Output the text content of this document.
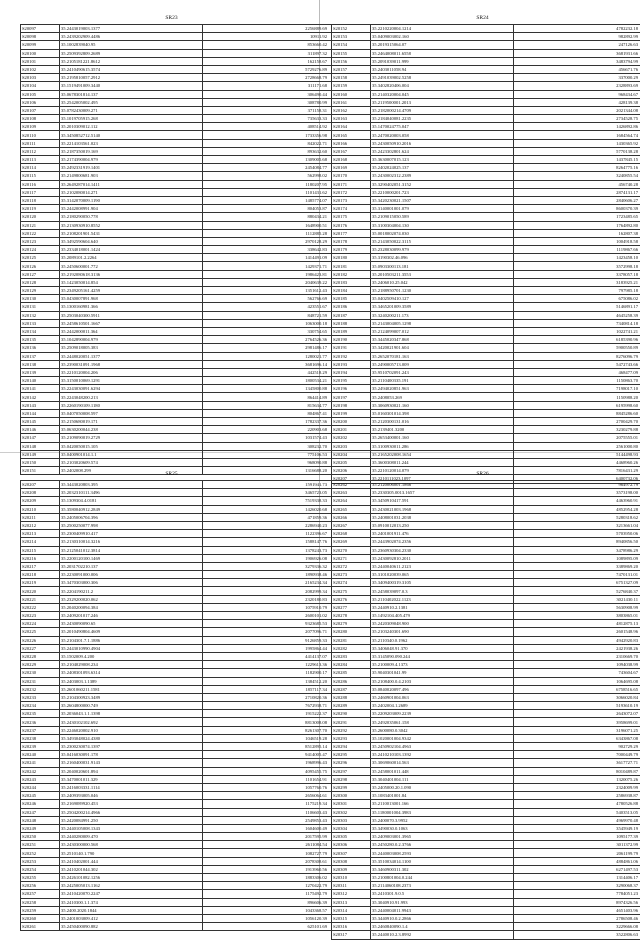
SR23
S20097	35.2443019003.1377	2256889.69
S20098	35.2439202909.4486	10911.92
S20099	35.1002839040.95	853660.42
S20100	35.2509392809.2689	311897.32
S20101	35.2105181221.8612	162158.67
S20102	35.2410490615.3574	5729276.89
S20103	35.2195810057.2912	2728668.79
S20104	35.1519491009.3440	311171.68
S20105	35.0678301814.137	306490.44
S20106	35.2542005002.495	308780.99
S20107	35.0782430009.271	371158.31
S20108	35.1019705915.268	735633.33
S20109	35.2010309012.112	408514.92
S20110	35.3450852712.5140	1733356.98
S20111	35.2214103561.023	842022.71
S20112	35.2187350019.169	893632.60
S20113	35.2174390004.979	1309005.68
S20114	35.2492331919.1401	2454084.77
S20115	35.2149800681.903	562998.02
S20116	35.2649287014.1411	1180207.95
S20117	35.2102080014.271	1101431.62
S20118	35.3142070009.1190	1485774.07
S20119	35.2442008991.904	804053.87
S20120	35.2180290050.778	880434.21
S20121	35.2130930910.8552	1648900.51
S20122	35.2108201901.5431	1112885.28
S20123	35.3492590604.640	2970128.29
S20124	35.2334018001.1424	338642.83
S20125	35.2089101.2.2264	1414491.09
S20126	35.2450600001.772	1429371.71
S20127	35.2192080618.3136	1986423.81
S20128	35.1423050014.854	2040639.22
S20129	35.2349205161.4259	1351612.43
S20130	35.0430007891.968	562766.69
S20131	35.1300160981.366	423551.67
S20132	35.2503040300.5911	848721.59
S20133	35.2458610501.1667	1063000.18
S20134	35.2442000011.364	330754.65
S20135	35.1042890004.979	2764526.36
S20136	35.2509018005.383	2981486.17
S20137	35.2448020051.1377	1280021.77
S20138	35.2390031091.1968	3681696.14
S20139	35.2210120004.206	442518.29
S20140	35.3150010069.1291	1800534.21
S20141	35.2243030091.6294	1345800.88
S20142	35.2243048200.213	864414.89
S20143	35.2260190109.1180	815634.77
S20144	35.0407050008.597	804867.41
S20145	35.2150680019.171	1782337.36
S20146	35.0630200044.238	220903.68
S20147	35.2109090019.2729	1031574.43
S20148	35.0420050015.105	308232.70
S20149	35.0400901014.1.1	775106.53
S20150	35.2103020609.574	968090.88
S20151	35.2402008.299	1316688.20
SR24
S20152	35.2210220004.1214	4782232.18
S20153	35.0409003002.160	982892.99
S20154	35.2019315064.07	247126.63
S20155	35.2464008011.6558	3681931.66
S20156	35.2091039011.999	3483794.99
S20157	35.2403011058.94	456671.76
S20158	35.2491039002.5258	337000.29
S20159	35.3402820406.004	2328893.69
S20160	35.2140320004.045	968434.67
S20161	35.2119500001.2013	428139.38
S20162	35.2182000214.4709	2021344.08
S20163	35.2184040081.2235	2734528.75
S20164	35.1470024775.047	1426892.86
S20165	35.2470020003.058	1684564.74
S20166	35.2430050910.2016	1430365.92
S20167	35.2423302801.624	5770138.28
S20168	35.3630007015.123	1437845.15
S20169	35.2402024025.137	8264775.16
S20170	35.2430002312.2389	3240855.54
S20171	35.3290402051.3152	456740.28
S20172	35.2210000201.723	2874131.17
S20173	35.3420230021.1507	2840606.27
S20174	35.3140001001.079	8600370.39
S20175	35.2109015050.589	1723485.65
S20176	35.3100304004.130	1764892.80
S20177	35.0018002074.030	162807.38
S20178	35.2143050022.3115	1004918.58
S20179	35.2328030099.979	1119867.66
S20180	35.3190302.46.096	1423458.10
S20181	35.0903300113.181	3572998.18
S20182	35.2010503211.3553	3378057.18
S20183	35.2406010.25.042	3183925.21
S20184	35.2188950701.1230	797985.18
S20185	35.0402509410.127	675086.02
S20186	35.3465201009.3589	5146891.17
S20187	35.3240200211.173	4645258.39
S20188	35.2143004005.1298	7340814.18
S20189	35.2124099007.012	1022741.21
S20190	35.3445020347.868	6185390.96
S20191	35.3420021901.604	5900550.89
S20192	35.2652070181.163	8276096.79
S20193	35.2490005713.009	5472743.66
S20194	35.9510702091.243	468477.09
S20195	35.2110400335.191	1150863.70
S20196	35.2494020851.963	7198017.10
S20197	35.2408053.269	1150988.20
S20198	35.3060930021.160	6195998.60
S20199	35.0160301014.398	8845286.60
S20200	35.2120300131.016	2700429.70
S20201	35.2139401.3200	3230279.88
S20202	35.2653400001.160	2075555.01
S20203	35.3100930011.286	2561000.80
S20204	35.2165202008.1654	5144498.93
S20205	35.3600308011.244	4468960.26
S20206	35.2210120014.079	7816431.29
S20207	35.2210111023.1097	6400732.06
SR25
S20207	35.3443020803.395	1591941.73
S20208	35.2032310111.3496	3465723.05
S20209	35.1309304.4.0181	7519338.33
S20210	35.3580040912.2849	1426020.68
S20211	35.2405006704.396	471859.36
S20212	35.2500250077.998	2286940.23
S20213	35.2300409910.417	1122396.67
S20214	35.2130310014.3216	1588147.76
S20215	35.2125041012.3814	1378243.73
S20216	35.2200120100.1469	1906926.08
S20217	35.2031702210.137	3279336.32
S20218	35.2230091000.006	1890938.46
S20219	35.3470303000.306	2165234.34
S20220	35.2204190211.2	2082999.34
S20221	35.2329200020.062	2320180.83
S20222	35.2040200094.384	1075910.79
S20223	35.2409201017.246	2600101.02
S20224	35.2430090090.65	9323685.53
S20225	35.2010490804.4609	2077096.71
S20226	35.2104301.7.1.1886	9126859.33
S20227	35.2443010990.4904	1995864.44
S20228	35.1502009.4.200	4414137.07
S20229	35.2104029008.234	1229613.36
S20230	35.2408301093.6314	1182900.17
S20231	35.2403003.1.1389	1384512.20
S20232	35.2601060211.1581	1857117.34
S20233	35.2104300923.3489	2710820.36
S20234	35.2604800000.749	7672938.71
S20235	35.2036043.1.1.1398	1915222.37
S20236	35.2430102102.692	8813008.08
S20237	35.2246020002.910	8261307.70
S20238	35.3493048024.4380	1046519.28
S20239	35.2300230074.1397	8512895.14
S20240	35.0416030091.178	9414005.47
S20241	35.2160400031.9143	1968996.43
S20242	35.2040020601.894	4095455.75
S20243	35.3470001011.329	1101654.91
S20244	35.2416003331.1114	1057760.76
S20245	35.2409393005.046	2656064.61
S20246	35.2169089920.453	1175219.34
S20247	35.2504200214.4966	1106603.43
S20248	35.2420084991.250	2549853.43
S20249	35.2440105008.1343	1604600.49
S20250	35.2440280009.470	2017595.99
S20251	35.2430300000.568	2611084.54
S20252	35.2510140.1.790	1082727.79
S20253	35.2410402001.444	2078308.61
S20254	35.2410201044.302	1913960.56
S20255	35.2426101082.1256	1883306.02
S20256	35.2425005013.1162	1270422.79
S20257	35.2410420070.2247	1175492.79
S20258	35.2410300.1.1.374	896606.39
S20259	35.2400.2020.1844	1043368.57
S20260	35.2401003009.412	1056120.39
S20261	35.2450400090.882	625101.69
SR26
S20262	35.2120006001.1866	964972.79
S20263	35.2330305.0013.1657	3573198.00
S20264	35.3450910417.591	4463960.91
S20265	35.2430021003.1968	4852954.28
S20266	35.2408001031.2038	5280318.62
S20267	35.0910012013.250	3213661.04
S20268	35.2401001911.476	5703950.06
S20269	35.2443902074.2356	8940856.50
S20270	35.2360930304.2330	3478986.29
S20271	35.2430092810.2011	1089895.09
S20272	35.2440040611.2123	3389869.20
S20273	35.3101020039.065	7470131.01
S20274	35.3409400319.3105	6751327.09
S20275	35.2458039097.0.3	5276840.37
S20276	35.2110402022.1123	3021430.11
S20277	35.2440910.2.1381	5630908.99
S20278	35.1492104.405.479	3803865.01
S20279	35.2420309048.900	4812875.13
S20280	35.2103240301.690	2601548.96
S20281	35.2110340.0.1962	4942920.83
S20282	35.3406048.91.370	2421938.26
S20283	35.3145090.090.244	2310669.70
S20284	35.2100009.4.1373	1094038.99
S20285	35.9040301041.99	743604.67
S20286	35.2108400.0.4.2103	1064695.08
S20287	35.0840020097.496	6758516.65
S20288	35.2460901004.063	3066020.84
S20289	35.2402004.1.2689	5193610.19
S20290	35.2209203009.2239	2643072.07
S20291	35.2492035061.158	3958699.01
S20292	35.2600080.0.3042	3196071.25
S20293	35.1020001004.9342	6343867.08
S20294	35.2450902104.4963	902729.29
S20295	35.2410210103.1392	7000449.79
S20296	35.3069060014.563	3617727.71
S20297	35.2458001011.448	8010489.87
S20298	35.3040401004.111	1320075.26
S20299	35.2405000.20.1.090	2324009.99
S20300	35.1083401001.84	2586938.87
S20301	35.2110013001.166	4780526.88
S20302	35.1180001004.3983	5403513.05
S20303	35.2400070.3.9952	4969970.48
S20304	35.3490030.0.1063	3545949.19
S20305	35.2409003001.3965	1095177.39
S20306	35.2450280.0.2.3766	3011372.99
S20307	35.2440003008.2593	2061199.79
S20308	35.3510034014.1100	4884861.06
S20309	35.3460900311.302	6271497.53
S20310	35.2100801004.0.244	1314406.17
S20311	35.2114060108.2373	3290068.37
S20312	35.2410301.9.0.5	7784051.23
S20313	35.3040910.91.993	8974326.56
S20314	35.2440004011.9943	4651403.96
S20315	35.3440910.0.2.2866	2786508.46
S20316	35.2460840090.1.4	3229666.08
S20317	35.2440010.2.3.8992	3522806.63
